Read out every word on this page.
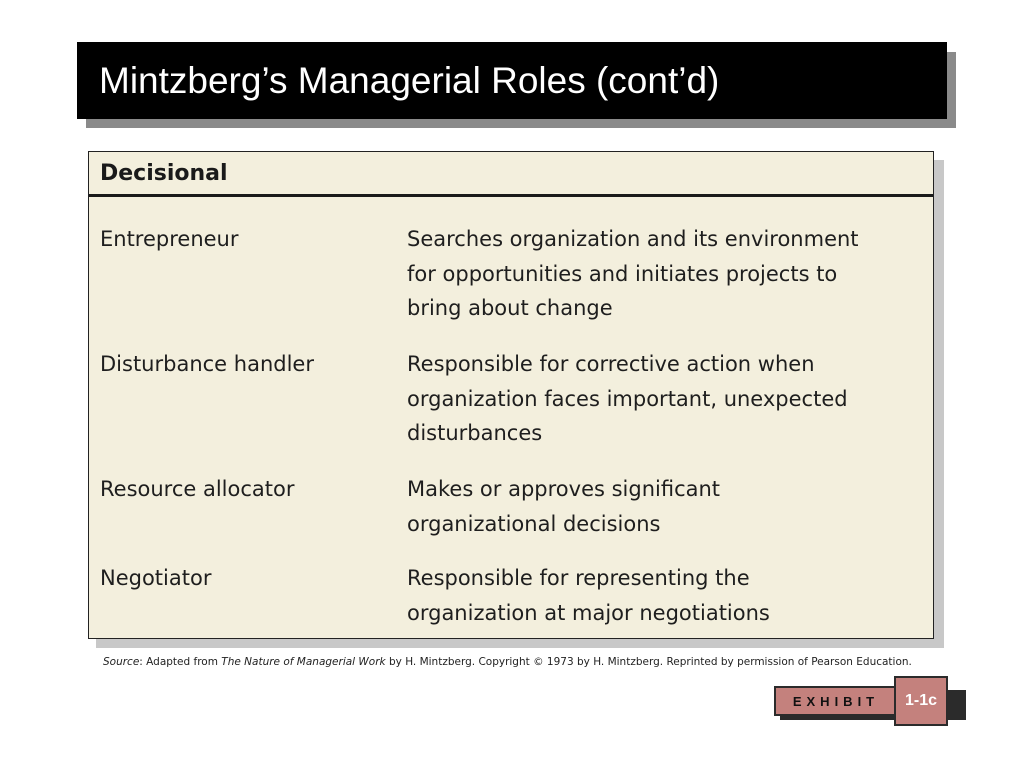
Mintzberg’s Managerial Roles (cont’d)
Decisional
Entrepreneur	Searches organization and its environment
for opportunities and initiates projects to
bring about change
Disturbance handler	Responsible for corrective action when
organization faces important, unexpected
disturbances
Resource allocator	Makes or approves significant
organizational decisions
Negotiator	Responsible for representing the
organization at major negotiations
Source: Adapted from The Nature of Managerial Work by H. Mintzberg. Copyright © 1973 by H. Mintzberg. Reprinted by permission of Pearson Education.
EXHIBIT 1-1c
